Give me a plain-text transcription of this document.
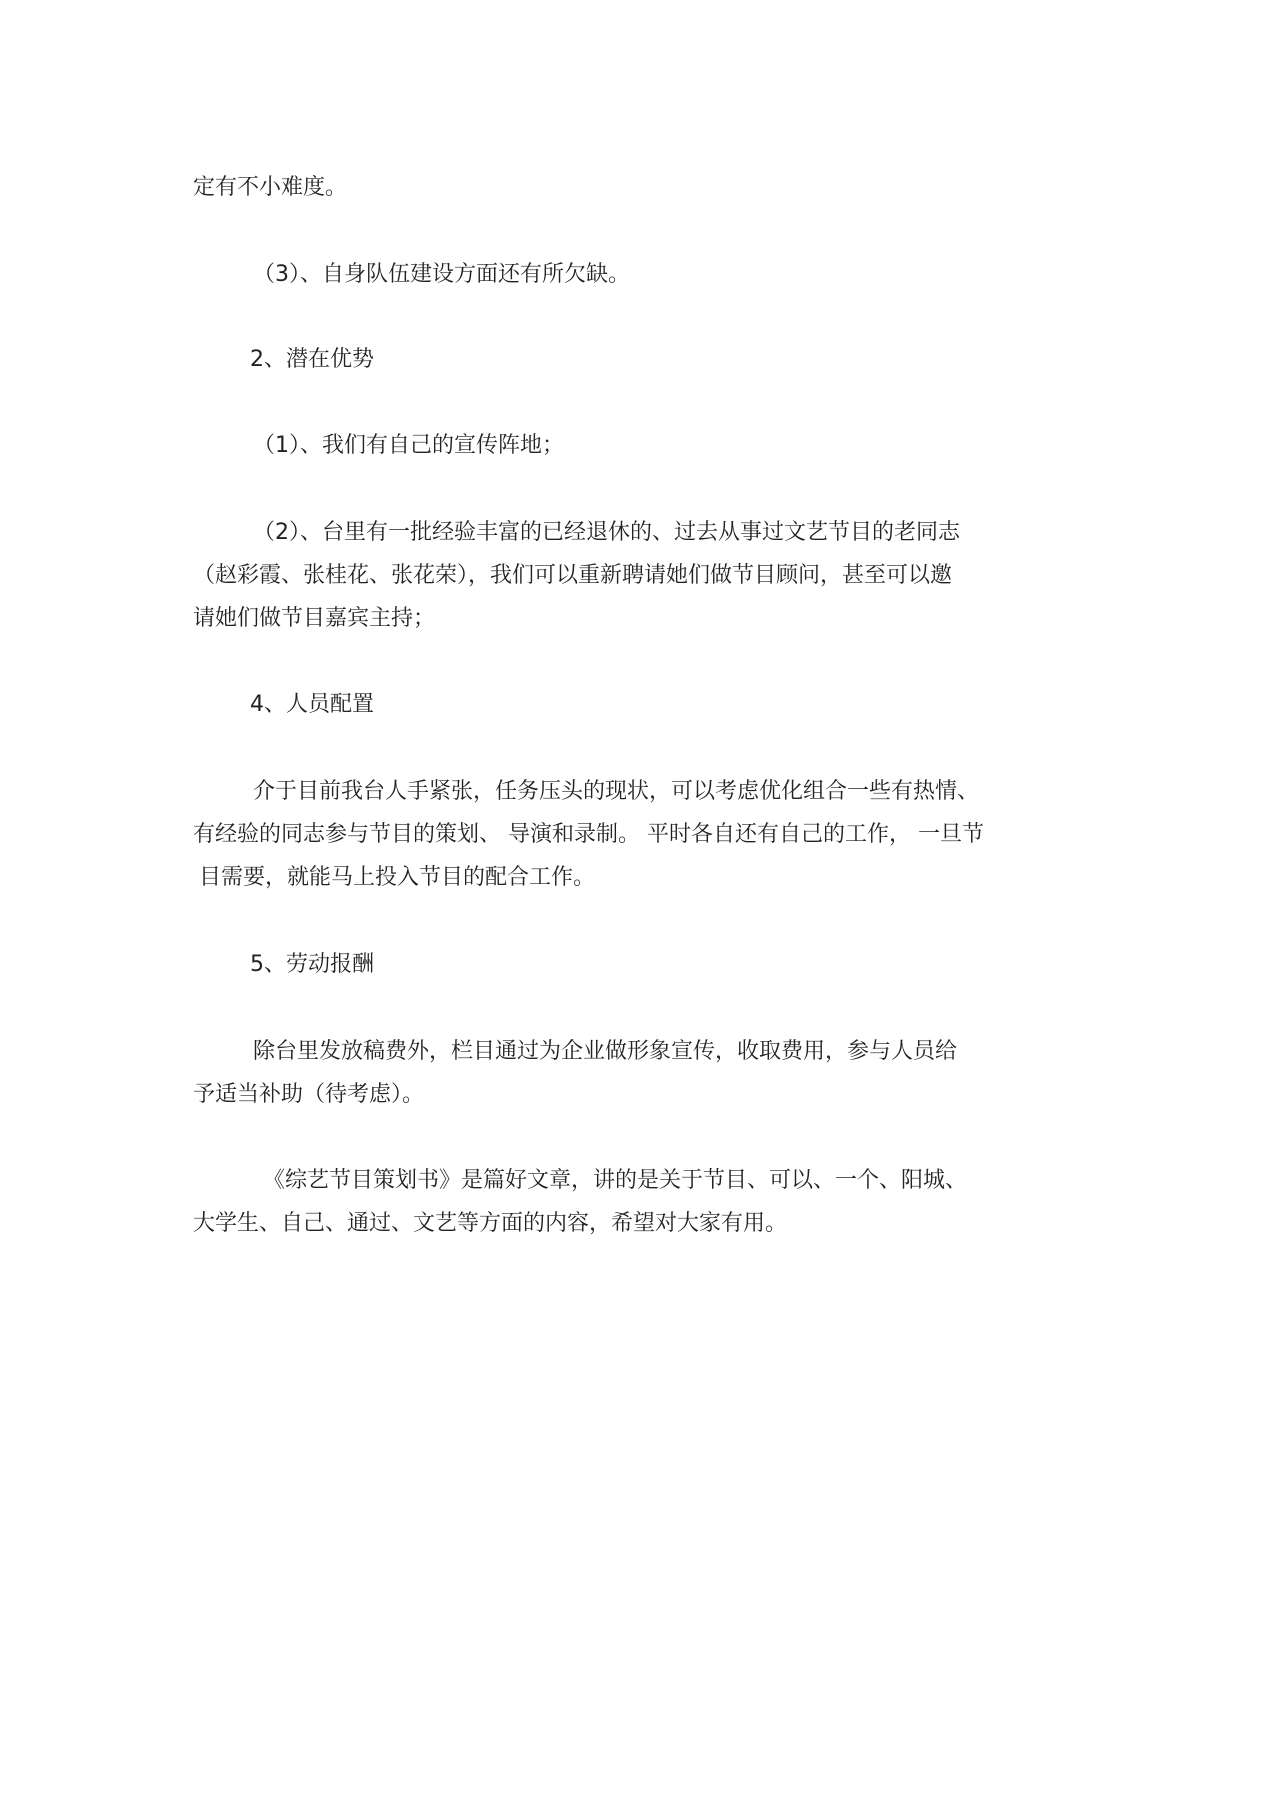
定有不小难度。
（3）、自身队伍建设方面还有所欠缺。
2、潜在优势
（1）、我们有自己的宣传阵地；
（2）、台里有一批经验丰富的已经退休的、过去从事过文艺节目的老同志
（赵彩霞、张桂花、张花荣），我们可以重新聘请她们做节目顾问，甚至可以邀
请她们做节目嘉宾主持；
4、人员配置
介于目前我台人手紧张，任务压头的现状，可以考虑优化组合一些有热情、
有经验的同志参与节目的策划、 导演和录制。 平时各自还有自己的工作， 一旦节
目需要，就能马上投入节目的配合工作。
5、劳动报酬
除台里发放稿费外，栏目通过为企业做形象宣传，收取费用，参与人员给
予适当补助（待考虑）。
《综艺节目策划书》是篇好文章，讲的是关于节目、可以、一个、阳城、
大学生、自己、通过、文艺等方面的内容，希望对大家有用。
